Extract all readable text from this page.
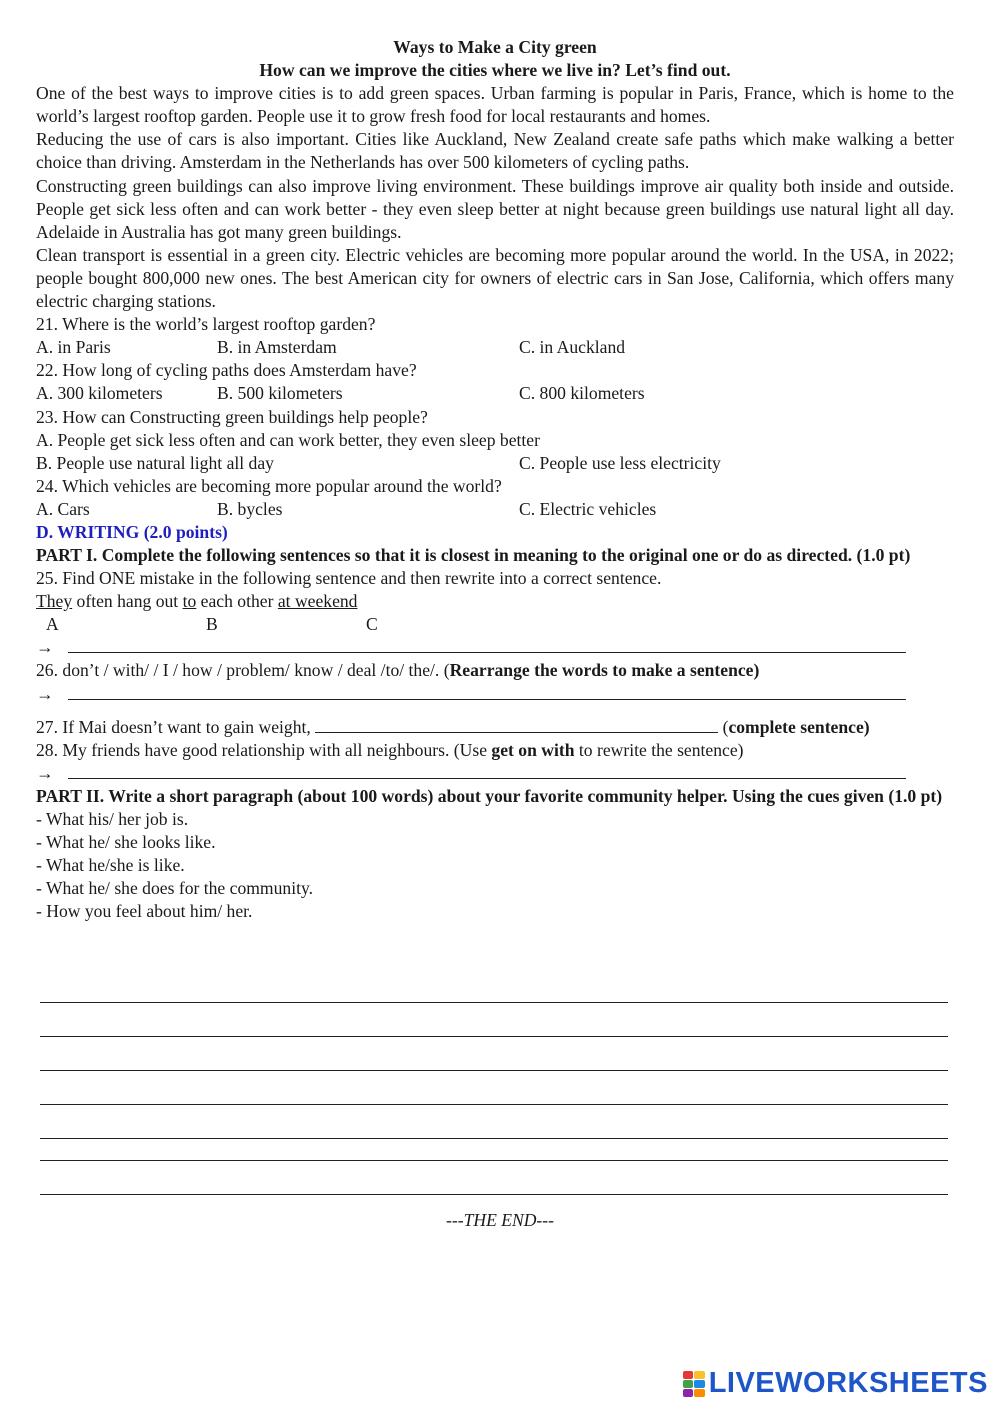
Ways to Make a City green
How can we improve the cities where we live in? Let’s find out.
One of the best ways to improve cities is to add green spaces. Urban farming is popular in Paris, France, which is home to the world’s largest rooftop garden. People use it to grow fresh food for local restaurants and homes.
Reducing the use of cars is also important. Cities like Auckland, New Zealand create safe paths which make walking a better choice than driving. Amsterdam in the Netherlands has over 500 kilometers of cycling paths.
Constructing green buildings can also improve living environment. These buildings improve air quality both inside and outside. People get sick less often and can work better - they even sleep better at night because green buildings use natural light all day. Adelaide in Australia has got many green buildings.
Clean transport is essential in a green city. Electric vehicles are becoming more popular around the world. In the USA, in 2022; people bought 800,000 new ones. The best American city for owners of electric cars in San Jose, California, which offers many electric charging stations.
21. Where is the world’s largest rooftop garden?
A. in Paris	B. in Amsterdam	C. in Auckland
22. How long of cycling paths does Amsterdam have?
A. 300 kilometers	B. 500 kilometers	C. 800 kilometers
23. How can Constructing green buildings help people?
A. People get sick less often and can work better, they even sleep better
B. People use natural light all day	C. People use less electricity
24. Which vehicles are becoming more popular around the world?
A. Cars	B. bycles	C. Electric vehicles
D. WRITING (2.0 points)
PART I. Complete the following sentences so that it is closest in meaning to the original one or do as directed. (1.0 pt)
25. Find ONE mistake in the following sentence and then rewrite into a correct sentence.
They often hang out to each other at weekend
A	B	C
→
26. don’t / with/ / I / how / problem/ know / deal /to/ the/. (Rearrange the words to make a sentence)
→
27. If Mai doesn’t want to gain weight,	(complete sentence)
28. My friends have good relationship with all neighbours. (Use get on with to rewrite the sentence)
→
PART II. Write a short paragraph (about 100 words) about your favorite community helper. Using the cues given (1.0 pt)
- What his/ her job is.
- What he/ she looks like.
- What he/she is like.
- What he/ she does for the community.
- How you feel about him/ her.
---THE END---
LIVEWORKSHEETS
